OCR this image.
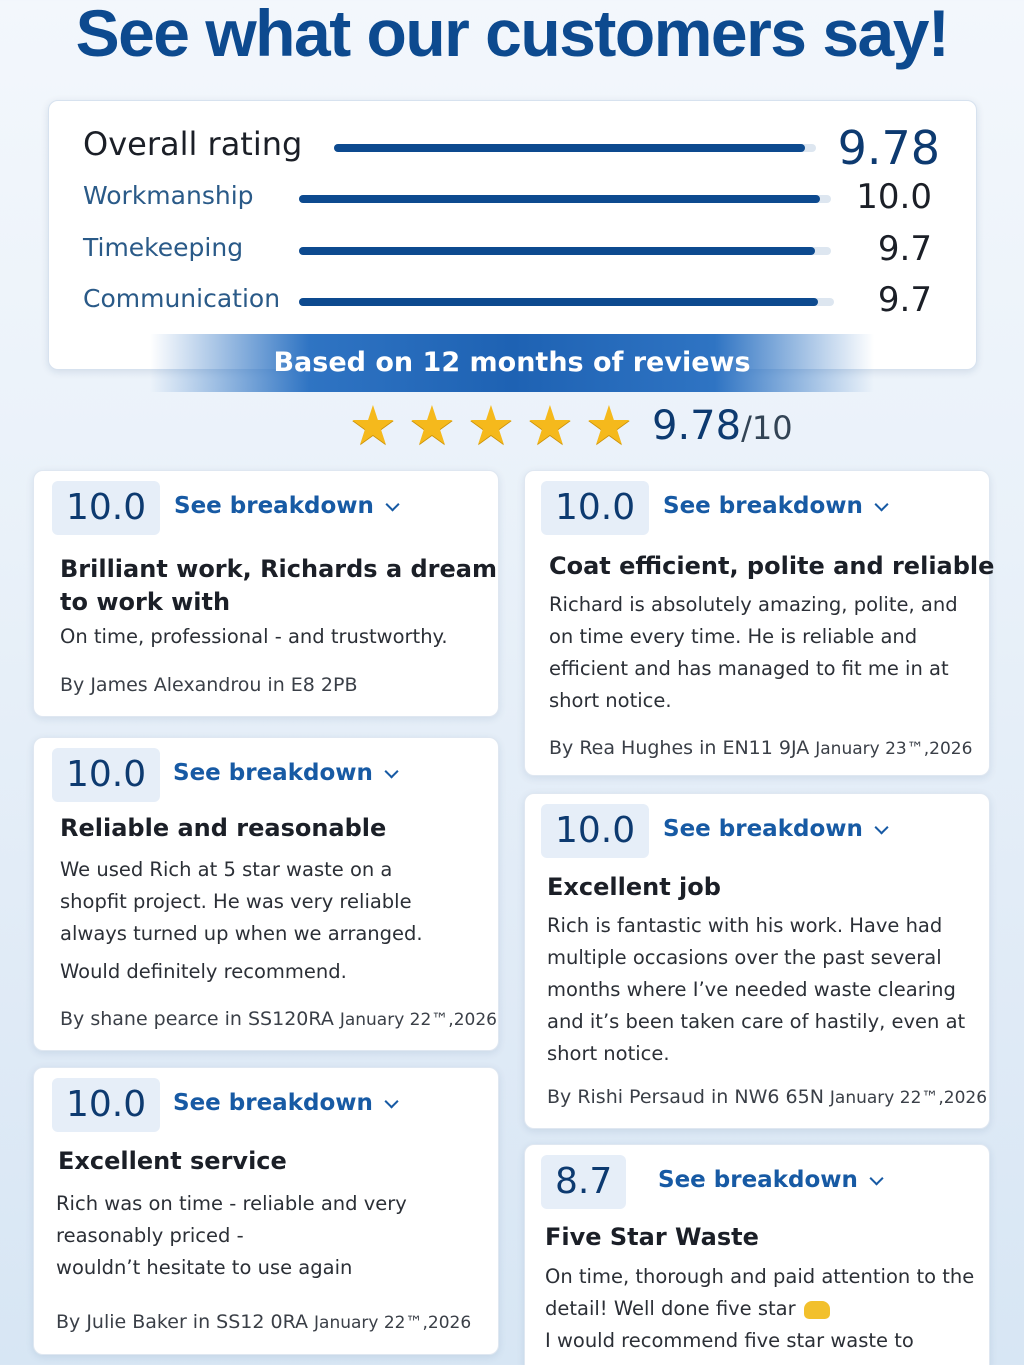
See what our customers say!
Overall rating	9.78
Workmanship	10.0
Timekeeping	9.7
Communication	9.7
Based on 12 months of reviews
★ ★ ★ ★ ★ 9.78/10
10.0	See breakdown
Brilliant work, Richards a dream to work with

On time, professional - and trustworthy.

By James Alexandrou in E8 2PB
10.0	See breakdown
Coat efficient, polite and reliable

Richard is absolutely amazing, polite, and on time every time. He is reliable and efficient and has managed to fit me in at short notice.

By Rea Hughes in EN11 9JA January 23™,2026
10.0	See breakdown
Reliable and reasonable

We used Rich at 5 star waste on a shopfit project. He was very reliable always turned up when we arranged.

Would definitely recommend.

By shane pearce in SS120RA January 22™,2026
10.0	See breakdown
Excellent job

Rich is fantastic with his work. Have had multiple occasions over the past several months where I’ve needed waste clearing and it’s been taken care of hastily, even at short notice.

By Rishi Persaud in NW6 65N January 22™,2026
10.0	See breakdown
Excellent service

Rich was on time - reliable and very reasonably priced -

wouldn’t hesitate to use again

By Julie Baker in SS12 0RA January 22™,2026
8.7	See breakdown
Five Star Waste

On time, thorough and paid attention to the detail! Well done five star

I would recommend five star waste to
